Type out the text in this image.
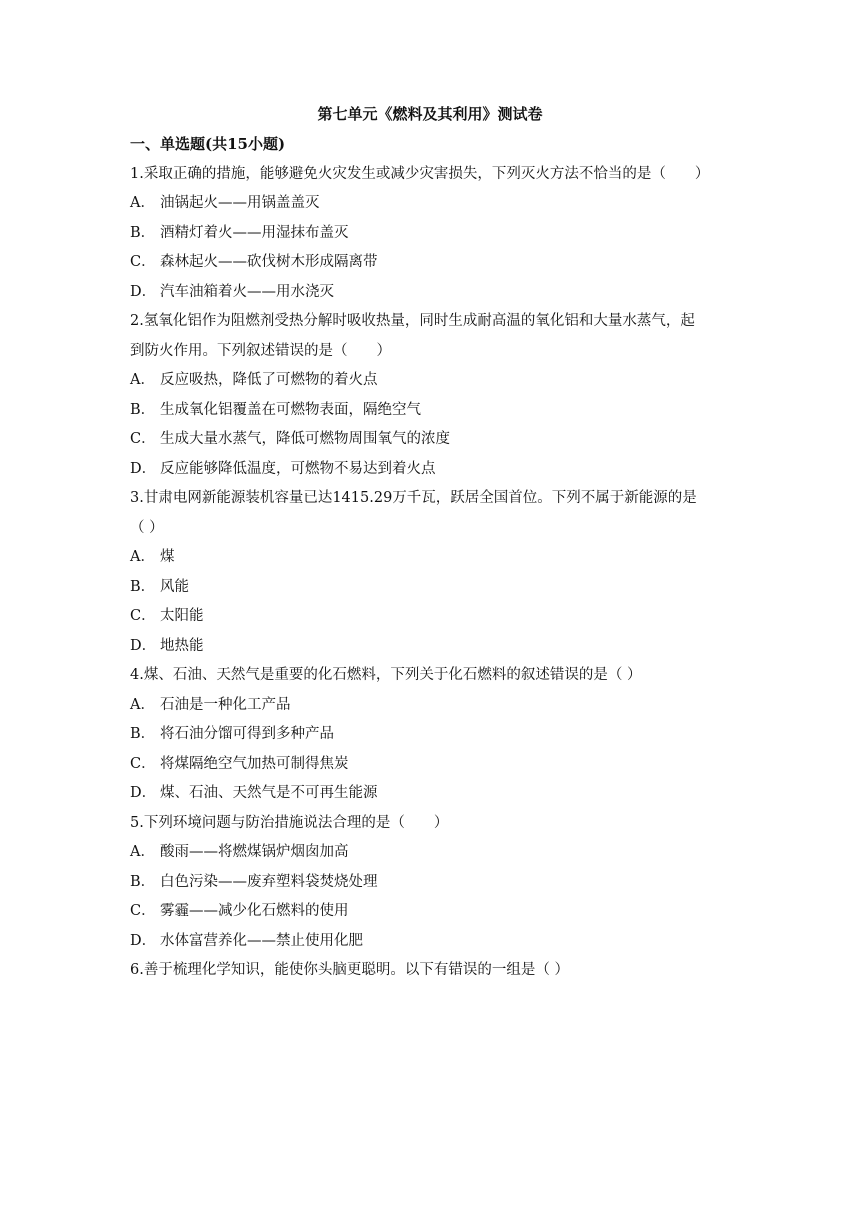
第七单元《燃料及其利用》测试卷
一、单选题(共15小题)
1.采取正确的措施，能够避免火灾发生或减少灾害损失，下列灭火方法不恰当的是（　　）
A． 油锅起火——用锅盖盖灭
B． 酒精灯着火——用湿抹布盖灭
C． 森林起火——砍伐树木形成隔离带
D． 汽车油箱着火——用水浇灭
2.氢氧化铝作为阻燃剂受热分解时吸收热量，同时生成耐高温的氧化铝和大量水蒸气，起
到防火作用。下列叙述错误的是（　　）
A． 反应吸热，降低了可燃物的着火点
B． 生成氧化铝覆盖在可燃物表面，隔绝空气
C． 生成大量水蒸气，降低可燃物周围氧气的浓度
D． 反应能够降低温度，可燃物不易达到着火点
3.甘肃电网新能源装机容量已达1415.29万千瓦，跃居全国首位。下列不属于新能源的是
（ ）
A． 煤
B． 风能
C． 太阳能
D． 地热能
4.煤、石油、天然气是重要的化石燃料，下列关于化石燃料的叙述错误的是（ ）
A． 石油是一种化工产品
B． 将石油分馏可得到多种产品
C． 将煤隔绝空气加热可制得焦炭
D． 煤、石油、天然气是不可再生能源
5.下列环境问题与防治措施说法合理的是（　　）
A． 酸雨——将燃煤锅炉烟囱加高
B． 白色污染——废弃塑料袋焚烧处理
C． 雾霾——减少化石燃料的使用
D． 水体富营养化——禁止使用化肥
6.善于梳理化学知识，能使你头脑更聪明。以下有错误的一组是（ ）
